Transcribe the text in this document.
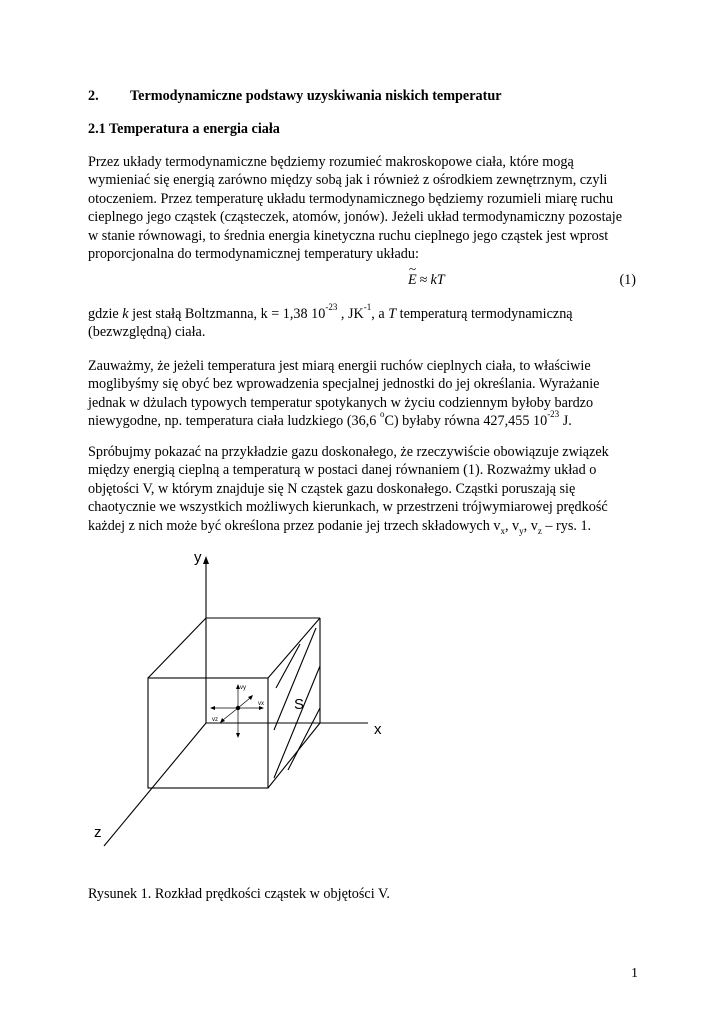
2. Termodynamiczne podstawy uzyskiwania niskich temperatur
2.1 Temperatura a energia ciała
Przez układy termodynamiczne będziemy rozumieć makroskopowe ciała, które mogą
wymieniać się energią zarówno między sobą jak i również z ośrodkiem zewnętrznym, czyli
otoczeniem. Przez temperaturę układu termodynamicznego będziemy rozumieli miarę ruchu
cieplnego jego cząstek (cząsteczek, atomów, jonów). Jeżeli układ termodynamiczny pozostaje
w stanie równowagi, to średnia energia kinetyczna ruchu cieplnego jego cząstek jest wprost
proporcjonalna do termodynamicznej temperatury układu:
~ E ≈ kT	(1)
gdzie k jest stałą Boltzmanna, k = 1,38 $10^{-23}$ , $JK^{-1}$, a T temperaturą termodynamiczną
(bezwzględną) ciała.
Zauważmy, że jeżeli temperatura jest miarą energii ruchów cieplnych ciała, to właściwie
moglibyśmy się obyć bez wprowadzenia specjalnej jednostki do jej określania. Wyrażanie
jednak w dżulach typowych temperatur spotykanych w życiu codziennym byłoby bardzo
niewygodne, np. temperatura ciała ludzkiego (36,6 $^o$C) byłaby równa 427,455 $10^{-23}$ J.
Spróbujmy pokazać na przykładzie gazu doskonałego, że rzeczywiście obowiązuje związek
między energią cieplną a temperaturą w postaci danej równaniem (1). Rozważmy układ o
objętości V, w którym znajduje się N cząstek gazu doskonałego. Cząstki poruszają się
chaotycznie we wszystkich możliwych kierunkach, w przestrzeni trójwymiarowej prędkość
każdej z nich może być określona przez podanie jej trzech składowych $v_x$, $v_y$, $v_z$ – rys. 1.
y
x
z
S
vy
vx
vz
Rysunek 1. Rozkład prędkości cząstek w objętości V.
1
